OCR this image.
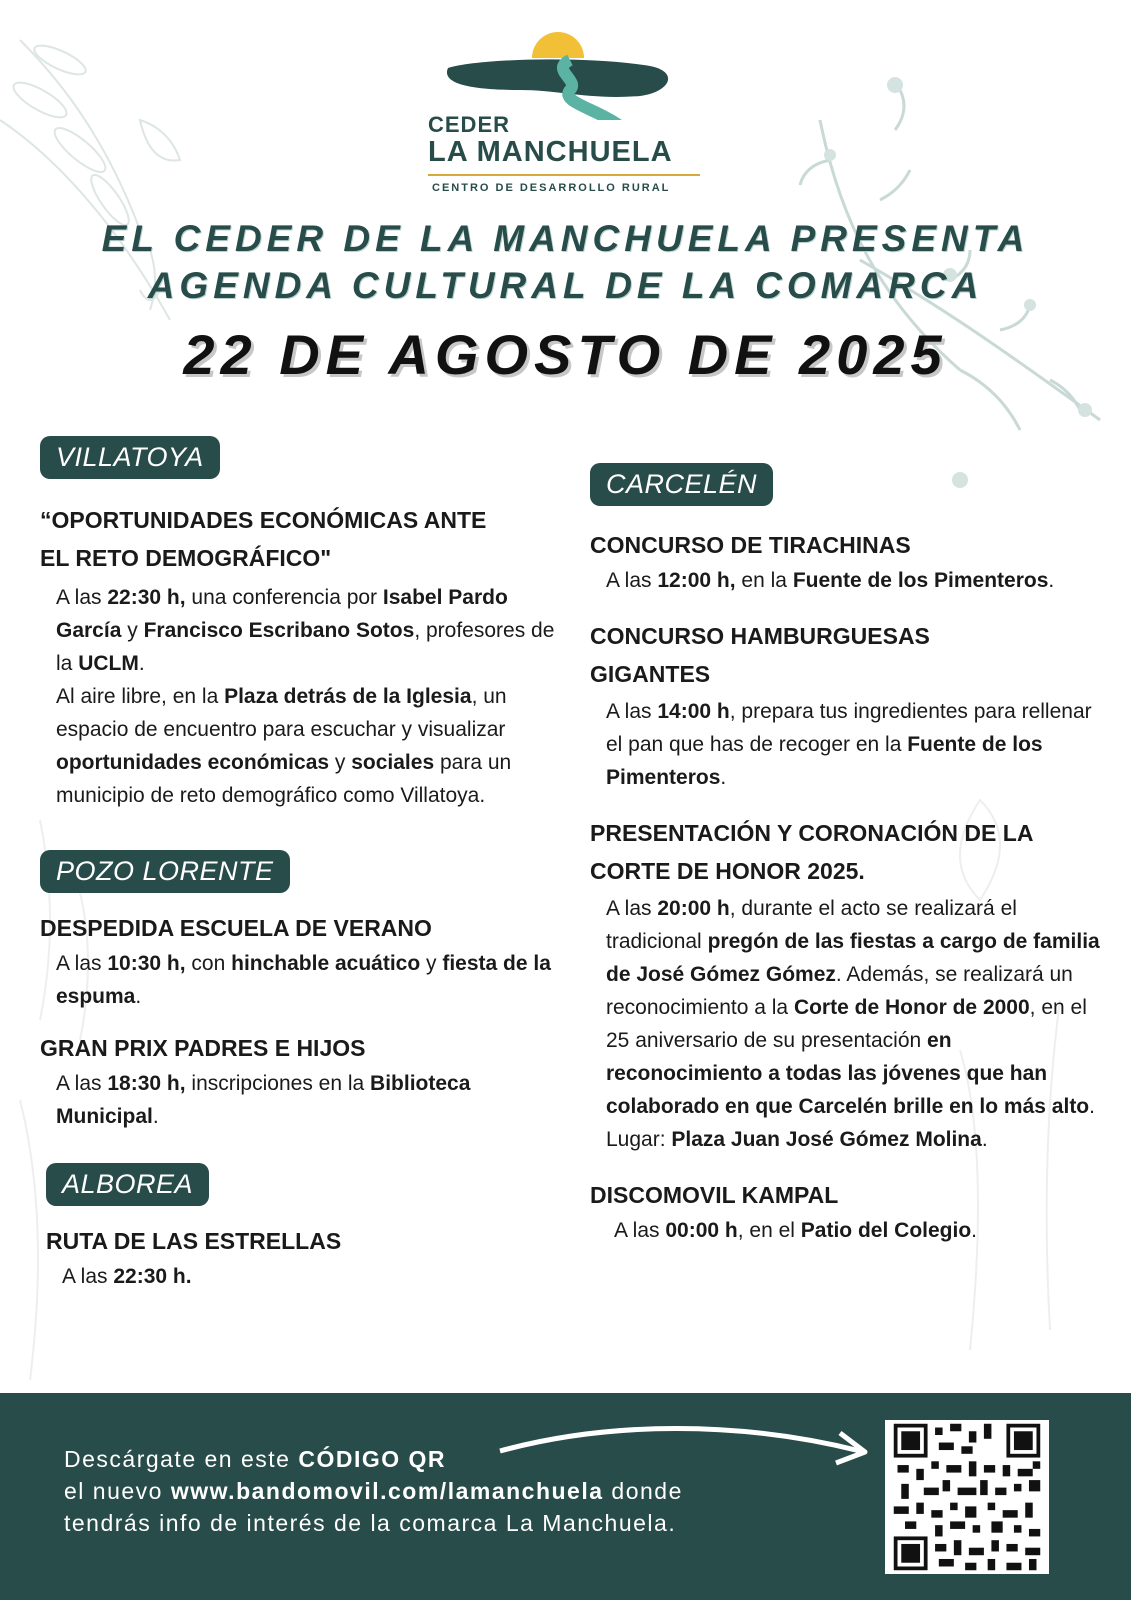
CEDER
LA MANCHUELA
CENTRO DE DESARROLLO RURAL
EL CEDER DE LA MANCHUELA PRESENTA
AGENDA CULTURAL DE LA COMARCA
22 DE AGOSTO DE 2025
VILLATOYA

“OPORTUNIDADES ECONÓMICAS ANTE
EL RETO DEMOGRÁFICO"

A las 22:30 h, una conferencia por Isabel Pardo García y Francisco Escribano Sotos, profesores de la UCLM.
Al aire libre, en la Plaza detrás de la Iglesia, un espacio de encuentro para escuchar y visualizar oportunidades económicas y sociales para un municipio de reto demográfico como Villatoya.

POZO LORENTE

DESPEDIDA ESCUELA DE VERANO

A las 10:30 h, con hinchable acuático y fiesta de la espuma.

GRAN PRIX PADRES E HIJOS

A las 18:30 h, inscripciones en la Biblioteca Municipal.

ALBOREA

RUTA DE LAS ESTRELLAS

A las 22:30 h.

CARCELÉN

CONCURSO DE TIRACHINAS

A las 12:00 h, en la Fuente de los Pimenteros.

CONCURSO HAMBURGUESAS
GIGANTES

A las 14:00 h, prepara tus ingredientes para rellenar el pan que has de recoger en la Fuente de los Pimenteros.

PRESENTACIÓN Y CORONACIÓN DE LA
CORTE DE HONOR 2025.

A las 20:00 h, durante el acto se realizará el tradicional pregón de las fiestas a cargo de familia de José Gómez Gómez. Además, se realizará un reconocimiento a la Corte de Honor de 2000, en el 25 aniversario de su presentación en reconocimiento a todas las jóvenes que han colaborado en que Carcelén brille en lo más alto.
Lugar: Plaza Juan José Gómez Molina.

DISCOMOVIL KAMPAL

A las 00:00 h, en el Patio del Colegio.

Descárgate en este CÓDIGO QR
el nuevo www.bandomovil.com/lamanchuela donde
tendrás info de interés de la comarca La Manchuela.
